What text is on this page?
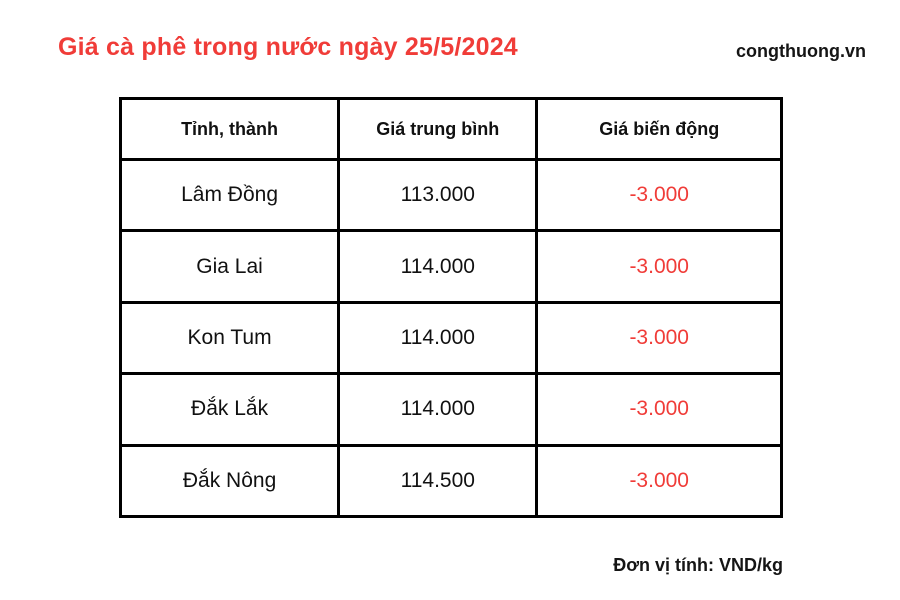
Giá cà phê trong nước ngày 25/5/2024	congthuong.vn
Tỉnh, thành	Giá trung bình	Giá biến động
Lâm Đồng	113.000	-3.000
Gia Lai	114.000	-3.000
Kon Tum	114.000	-3.000
Đắk Lắk	114.000	-3.000
Đắk Nông	114.500	-3.000
Đơn vị tính: VND/kg
